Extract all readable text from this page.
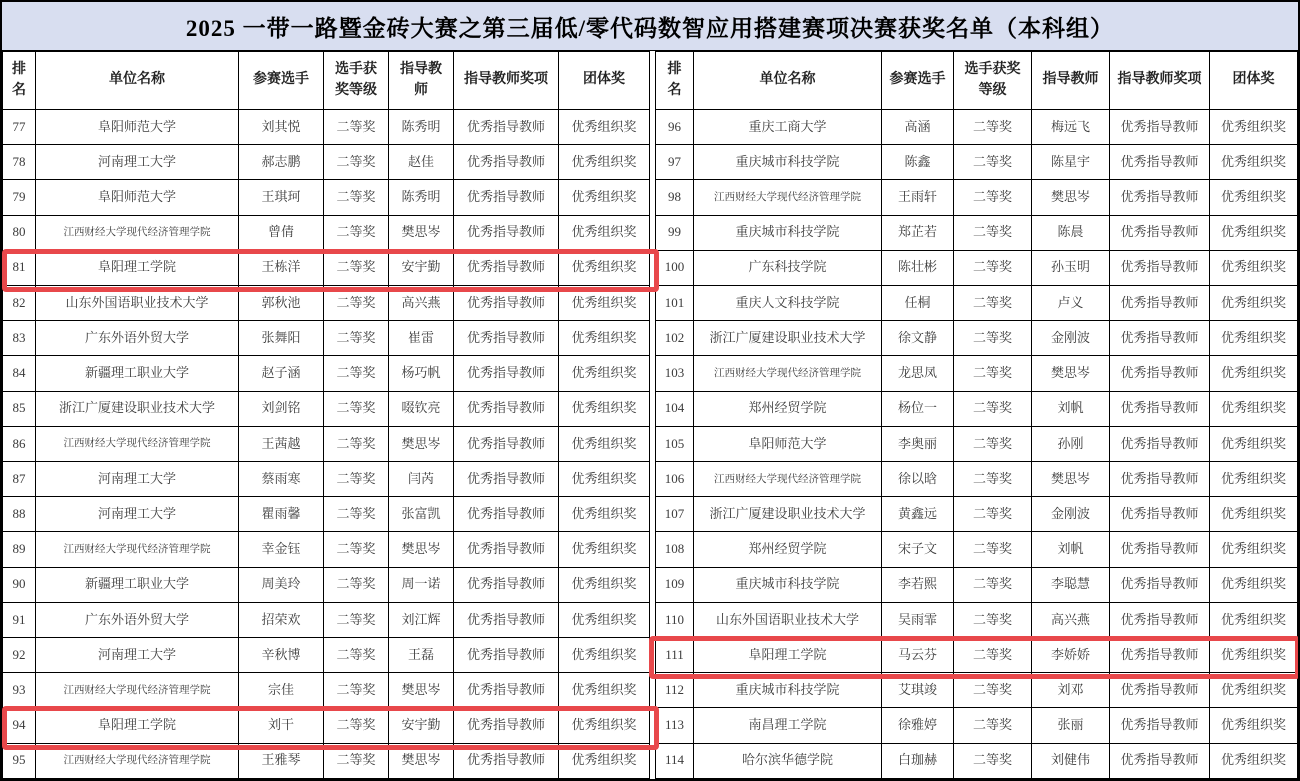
2025 一带一路暨金砖大赛之第三届低/零代码数智应用搭建赛项决赛获奖名单（本科组）
排名	单位名称	参赛选手	选手获奖等级	指导教师	指导教师奖项	团体奖
77	阜阳师范大学	刘其悦	二等奖	陈秀明	优秀指导教师	优秀组织奖
78	河南理工大学	郝志鹏	二等奖	赵佳	优秀指导教师	优秀组织奖
79	阜阳师范大学	王琪珂	二等奖	陈秀明	优秀指导教师	优秀组织奖
80	江西财经大学现代经济管理学院	曾倩	二等奖	樊思岑	优秀指导教师	优秀组织奖
81	阜阳理工学院	王栋洋	二等奖	安宇勤	优秀指导教师	优秀组织奖
82	山东外国语职业技术大学	郭秋池	二等奖	高兴燕	优秀指导教师	优秀组织奖
83	广东外语外贸大学	张舞阳	二等奖	崔雷	优秀指导教师	优秀组织奖
84	新疆理工职业大学	赵子涵	二等奖	杨巧帆	优秀指导教师	优秀组织奖
85	浙江广厦建设职业技术大学	刘剑铭	二等奖	啜钦亮	优秀指导教师	优秀组织奖
86	江西财经大学现代经济管理学院	王茜越	二等奖	樊思岑	优秀指导教师	优秀组织奖
87	河南理工大学	蔡雨寒	二等奖	闫芮	优秀指导教师	优秀组织奖
88	河南理工大学	瞿雨馨	二等奖	张富凯	优秀指导教师	优秀组织奖
89	江西财经大学现代经济管理学院	幸金钰	二等奖	樊思岑	优秀指导教师	优秀组织奖
90	新疆理工职业大学	周美玲	二等奖	周一诺	优秀指导教师	优秀组织奖
91	广东外语外贸大学	招荣欢	二等奖	刘江辉	优秀指导教师	优秀组织奖
92	河南理工大学	辛秋博	二等奖	王磊	优秀指导教师	优秀组织奖
93	江西财经大学现代经济管理学院	宗佳	二等奖	樊思岑	优秀指导教师	优秀组织奖
94	阜阳理工学院	刘干	二等奖	安宇勤	优秀指导教师	优秀组织奖
95	江西财经大学现代经济管理学院	王雅琴	二等奖	樊思岑	优秀指导教师	优秀组织奖
排名	单位名称	参赛选手	选手获奖等级	指导教师	指导教师奖项	团体奖
96	重庆工商大学	高涵	二等奖	梅远飞	优秀指导教师	优秀组织奖
97	重庆城市科技学院	陈鑫	二等奖	陈星宇	优秀指导教师	优秀组织奖
98	江西财经大学现代经济管理学院	王雨轩	二等奖	樊思岑	优秀指导教师	优秀组织奖
99	重庆城市科技学院	郑芷若	二等奖	陈晨	优秀指导教师	优秀组织奖
100	广东科技学院	陈壮彬	二等奖	孙玉明	优秀指导教师	优秀组织奖
101	重庆人文科技学院	任桐	二等奖	卢义	优秀指导教师	优秀组织奖
102	浙江广厦建设职业技术大学	徐文静	二等奖	金刚波	优秀指导教师	优秀组织奖
103	江西财经大学现代经济管理学院	龙思凤	二等奖	樊思岑	优秀指导教师	优秀组织奖
104	郑州经贸学院	杨位一	二等奖	刘帆	优秀指导教师	优秀组织奖
105	阜阳师范大学	李奥丽	二等奖	孙刚	优秀指导教师	优秀组织奖
106	江西财经大学现代经济管理学院	徐以晗	二等奖	樊思岑	优秀指导教师	优秀组织奖
107	浙江广厦建设职业技术大学	黄鑫远	二等奖	金刚波	优秀指导教师	优秀组织奖
108	郑州经贸学院	宋子文	二等奖	刘帆	优秀指导教师	优秀组织奖
109	重庆城市科技学院	李若熙	二等奖	李聪慧	优秀指导教师	优秀组织奖
110	山东外国语职业技术大学	吴雨霏	二等奖	高兴燕	优秀指导教师	优秀组织奖
111	阜阳理工学院	马云芬	二等奖	李娇娇	优秀指导教师	优秀组织奖
112	重庆城市科技学院	艾琪竣	二等奖	刘邓	优秀指导教师	优秀组织奖
113	南昌理工学院	徐雅婷	二等奖	张丽	优秀指导教师	优秀组织奖
114	哈尔滨华德学院	白珈赫	二等奖	刘健伟	优秀指导教师	优秀组织奖
